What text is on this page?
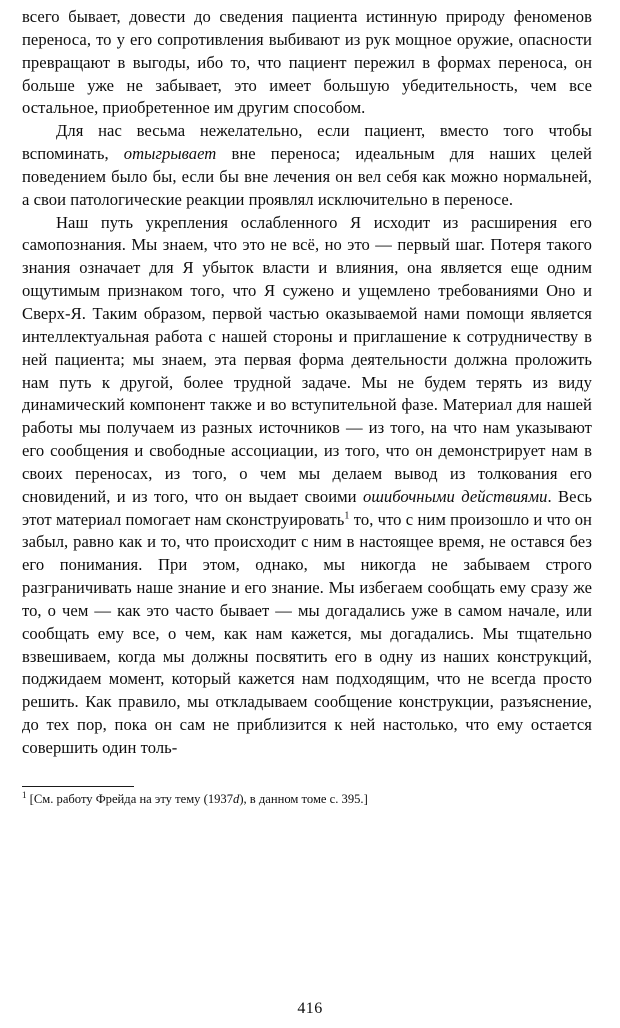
всего бывает, довести до сведения пациента истинную природу феноменов переноса, то у его сопротивления выбивают из рук мощное оружие, опасности превращают в выгоды, ибо то, что пациент пережил в формах переноса, он больше уже не забывает, это имеет большую убедительность, чем все остальное, приобретенное им другим способом.

Для нас весьма нежелательно, если пациент, вместо того чтобы вспоминать, отыгрывает вне переноса; идеальным для наших целей поведением было бы, если бы вне лечения он вел себя как можно нормальней, а свои патологические реакции проявлял исключительно в переносе.

Наш путь укрепления ослабленного Я исходит из расширения его самопознания. Мы знаем, что это не всё, но это — первый шаг. Потеря такого знания означает для Я убыток власти и влияния, она является еще одним ощутимым признаком того, что Я сужено и ущемлено требованиями Оно и Сверх-Я. Таким образом, первой частью оказываемой нами помощи является интеллектуальная работа с нашей стороны и приглашение к сотрудничеству в ней пациента; мы знаем, эта первая форма деятельности должна проложить нам путь к другой, более трудной задаче. Мы не будем терять из виду динамический компонент также и во вступительной фазе. Материал для нашей работы мы получаем из разных источников — из того, на что нам указывают его сообщения и свободные ассоциации, из того, что он демонстрирует нам в своих переносах, из того, о чем мы делаем вывод из толкования его сновидений, и из того, что он выдает своими ошибочными действиями. Весь этот материал помогает нам сконструировать$^1$ то, что с ним произошло и что он забыл, равно как и то, что происходит с ним в настоящее время, не остався без его понимания. При этом, однако, мы никогда не забываем строго разграничивать наше знание и его знание. Мы избегаем сообщать ему сразу же то, о чем — как это часто бывает — мы догадались уже в самом начале, или сообщать ему все, о чем, как нам кажется, мы догадались. Мы тщательно взвешиваем, когда мы должны посвятить его в одну из наших конструкций, поджидаем момент, который кажется нам подходящим, что не всегда просто решить. Как правило, мы откладываем сообщение конструкции, разъяснение, до тех пор, пока он сам не приблизится к ней настолько, что ему остается совершить один толь-

$^1$ [См. работу Фрейда на эту тему (1937d), в данном томе с. 395.]
416
